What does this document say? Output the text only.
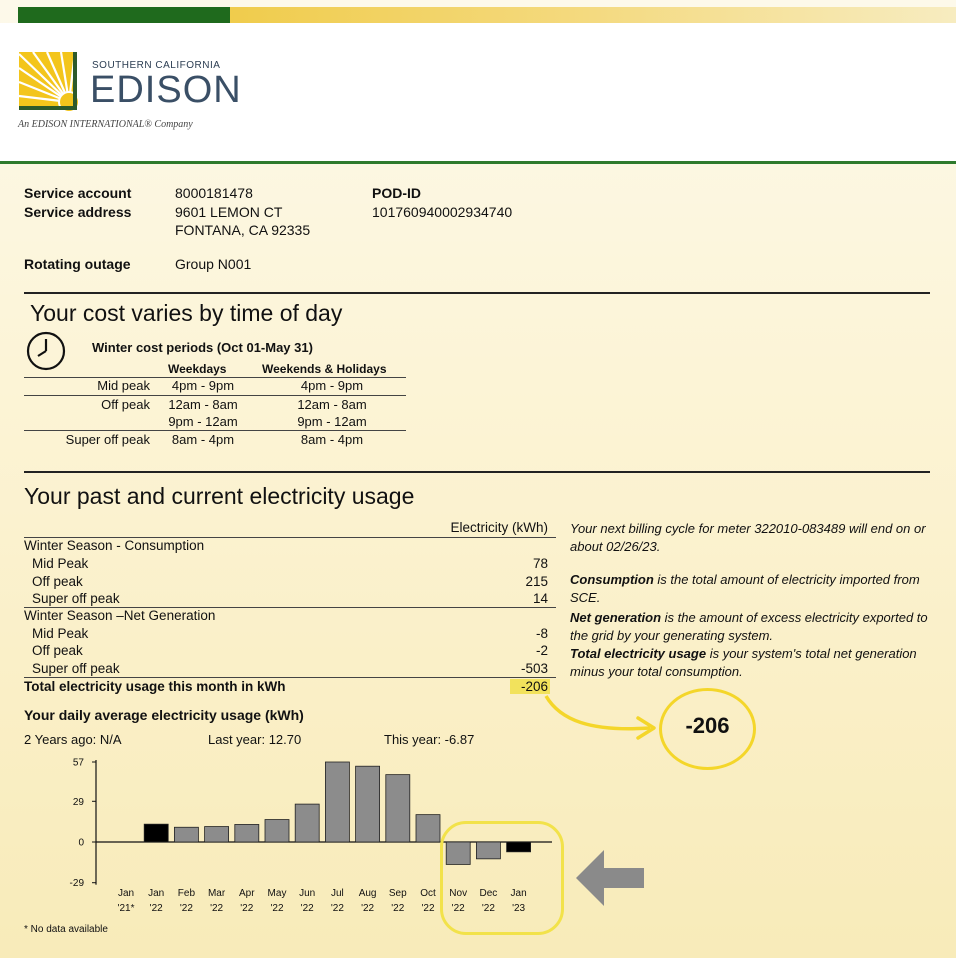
SOUTHERN CALIFORNIA
EDISON
An EDISON INTERNATIONAL® Company
Service account	8000181478
Service address	9601 LEMON CT
FONTANA, CA 92335
POD-ID
101760940002934740
Rotating outage	Group N001
Your cost varies by time of day
Winter cost periods (Oct 01-May 31)
Weekdays	Weekends & Holidays
Mid peak	4pm - 9pm	4pm - 9pm
Off peak	12am - 8am	12am - 8am
9pm - 12am	9pm - 12am
Super off peak	8am - 4pm	8am - 4pm
Your past and current electricity usage
Electricity (kWh)
Winter Season - Consumption
Mid Peak	78
Off peak	215
Super off peak	14
Winter Season –Net Generation
Mid Peak	-8
Off peak	-2
Super off peak	-503
Total electricity usage this month in kWh	-206
Your next billing cycle for meter 322010-083489 will end on or about 02/26/23.
Consumption is the total amount of electricity imported from SCE.
Net generation is the amount of excess electricity exported to the grid by your generating system.
Total electricity usage is your system's total net generation minus your total consumption.
-206
Your daily average electricity usage (kWh)
2 Years ago: N/A	Last year: 12.70	This year: -6.87
57
29
0
-29
Jan
'21*
Jan
'22
Feb
'22
Mar
'22
Apr
'22
May
'22
Jun
'22
Jul
'22
Aug
'22
Sep
'22
Oct
'22
Nov
'22
Dec
'22
Jan
'23
* No data available
